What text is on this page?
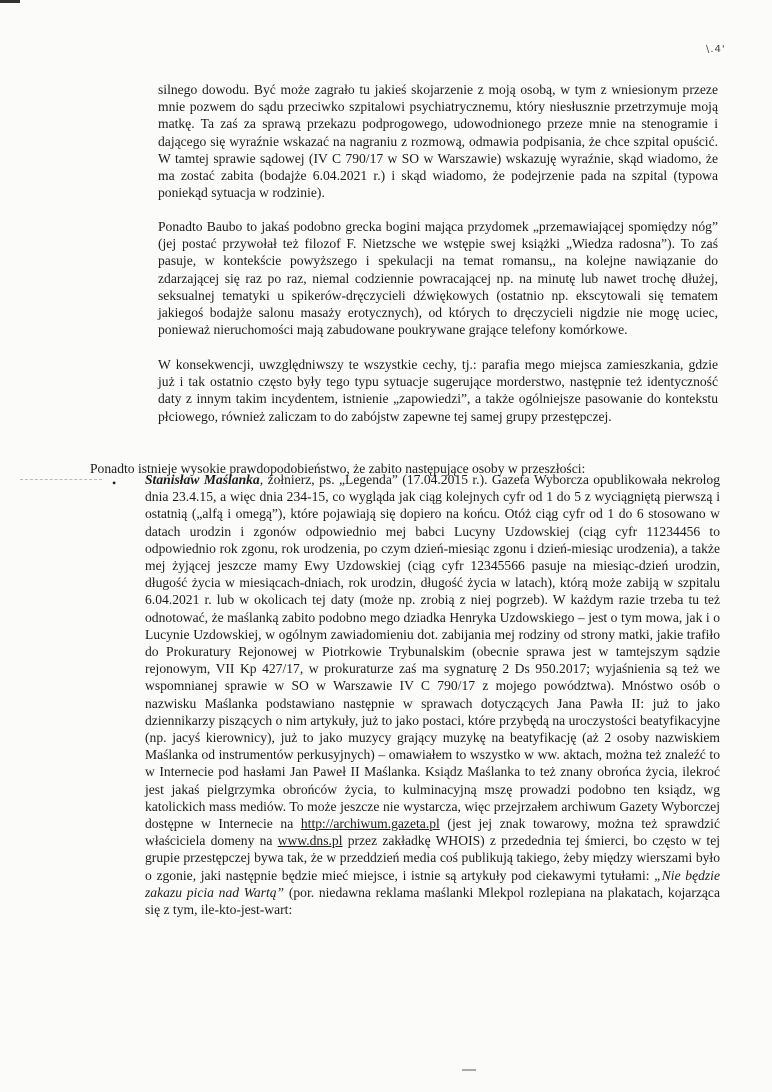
\.4'

silnego dowodu. Być może zagrało tu jakieś skojarzenie z moją osobą, w tym z wniesionym przeze mnie pozwem do sądu przeciwko szpitalowi psychiatrycznemu, który niesłusznie przetrzymuje moją matkę. Ta zaś za sprawą przekazu podprogowego, udowodnionego przeze mnie na stenogramie i dającego się wyraźnie wskazać na nagraniu z rozmową, odmawia podpisania, że chce szpital opuścić. W tamtej sprawie sądowej (IV C 790/17 w SO w Warszawie) wskazuję wyraźnie, skąd wiadomo, że ma zostać zabita (bodajże 6.04.2021 r.) i skąd wiadomo, że podejrzenie pada na szpital (typowa poniekąd sytuacja w rodzinie).

Ponadto Baubo to jakaś podobno grecka bogini mająca przydomek „przemawiającej spomiędzy nóg” (jej postać przywołał też filozof F. Nietzsche we wstępie swej książki „Wiedza radosna”). To zaś pasuje, w kontekście powyższego i spekulacji na temat romansu,, na kolejne nawiązanie do zdarzającej się raz po raz, niemal codziennie powracającej np. na minutę lub nawet trochę dłużej, seksualnej tematyki u spikerów-dręczycieli dźwiękowych (ostatnio np. ekscytowali się tematem jakiegoś bodajże salonu masaży erotycznych), od których to dręczycieli nigdzie nie mogę uciec, ponieważ nieruchomości mają zabudowane poukrywane grające telefony komórkowe.

W konsekwencji, uwzględniwszy te wszystkie cechy, tj.: parafia mego miejsca zamieszkania, gdzie już i tak ostatnio często były tego typu sytuacje sugerujące morderstwo, następnie też identyczność daty z innym takim incydentem, istnienie „zapowiedzi”, a także ogólniejsze pasowanie do kontekstu płciowego, również zaliczam to do zabójstw zapewne tej samej grupy przestępczej.

Ponadto istnieje wysokie prawdopodobieństwo, że zabito następujące osoby w przeszłości:

• Stanisław Maślanka, żołnierz, ps. „Legenda” (17.04.2015 r.). Gazeta Wyborcza opublikowała nekrolog dnia 23.4.15, a więc dnia 234-15, co wygląda jak ciąg kolejnych cyfr od 1 do 5 z wyciągniętą pierwszą i ostatnią („alfą i omegą”), które pojawiają się dopiero na końcu. Otóż ciąg cyfr od 1 do 6 stosowano w datach urodzin i zgonów odpowiednio mej babci Lucyny Uzdowskiej (ciąg cyfr 11234456 to odpowiednio rok zgonu, rok urodzenia, po czym dzień-miesiąc zgonu i dzień-miesiąc urodzenia), a także mej żyjącej jeszcze mamy Ewy Uzdowskiej (ciąg cyfr 12345566 pasuje na miesiąc-dzień urodzin, długość życia w miesiącach-dniach, rok urodzin, długość życia w latach), którą może zabiją w szpitalu 6.04.2021 r. lub w okolicach tej daty (może np. zrobią z niej pogrzeb). W każdym razie trzeba tu też odnotować, że maślanką zabito podobno mego dziadka Henryka Uzdowskiego – jest o tym mowa, jak i o Lucynie Uzdowskiej, w ogólnym zawiadomieniu dot. zabijania mej rodziny od strony matki, jakie trafiło do Prokuratury Rejonowej w Piotrkowie Trybunalskim (obecnie sprawa jest w tamtejszym sądzie rejonowym, VII Kp 427/17, w prokuraturze zaś ma sygnaturę 2 Ds 950.2017; wyjaśnienia są też we wspomnianej sprawie w SO w Warszawie IV C 790/17 z mojego powództwa). Mnóstwo osób o nazwisku Maślanka podstawiano następnie w sprawach dotyczących Jana Pawła II: już to jako dziennikarzy piszących o nim artykuły, już to jako postaci, które przybędą na uroczystości beatyfikacyjne (np. jacyś kierownicy), już to jako muzycy grający muzykę na beatyfikację (aż 2 osoby nazwiskiem Maślanka od instrumentów perkusyjnych) – omawiałem to wszystko w ww. aktach, można też znaleźć to w Internecie pod hasłami Jan Paweł II Maślanka. Ksiądz Maślanka to też znany obrońca życia, ilekroć jest jakaś pielgrzymka obrońców życia, to kulminacyjną mszę prowadzi podobno ten ksiądz, wg katolickich mass mediów. To może jeszcze nie wystarcza, więc przejrzałem archiwum Gazety Wyborczej dostępne w Internecie na http://archiwum.gazeta.pl (jest jej znak towarowy, można też sprawdzić właściciela domeny na www.dns.pl przez zakładkę WHOIS) z przedednia tej śmierci, bo często w tej grupie przestępczej bywa tak, że w przeddzień media coś publikują takiego, żeby między wierszami było o zgonie, jaki następnie będzie mieć miejsce, i istnie są artykuły pod ciekawymi tytułami: „Nie będzie zakazu picia nad Wartą” (por. niedawna reklama maślanki Mlekpol rozlepiana na plakatach, kojarząca się z tym, ile-kto-jest-wart:
